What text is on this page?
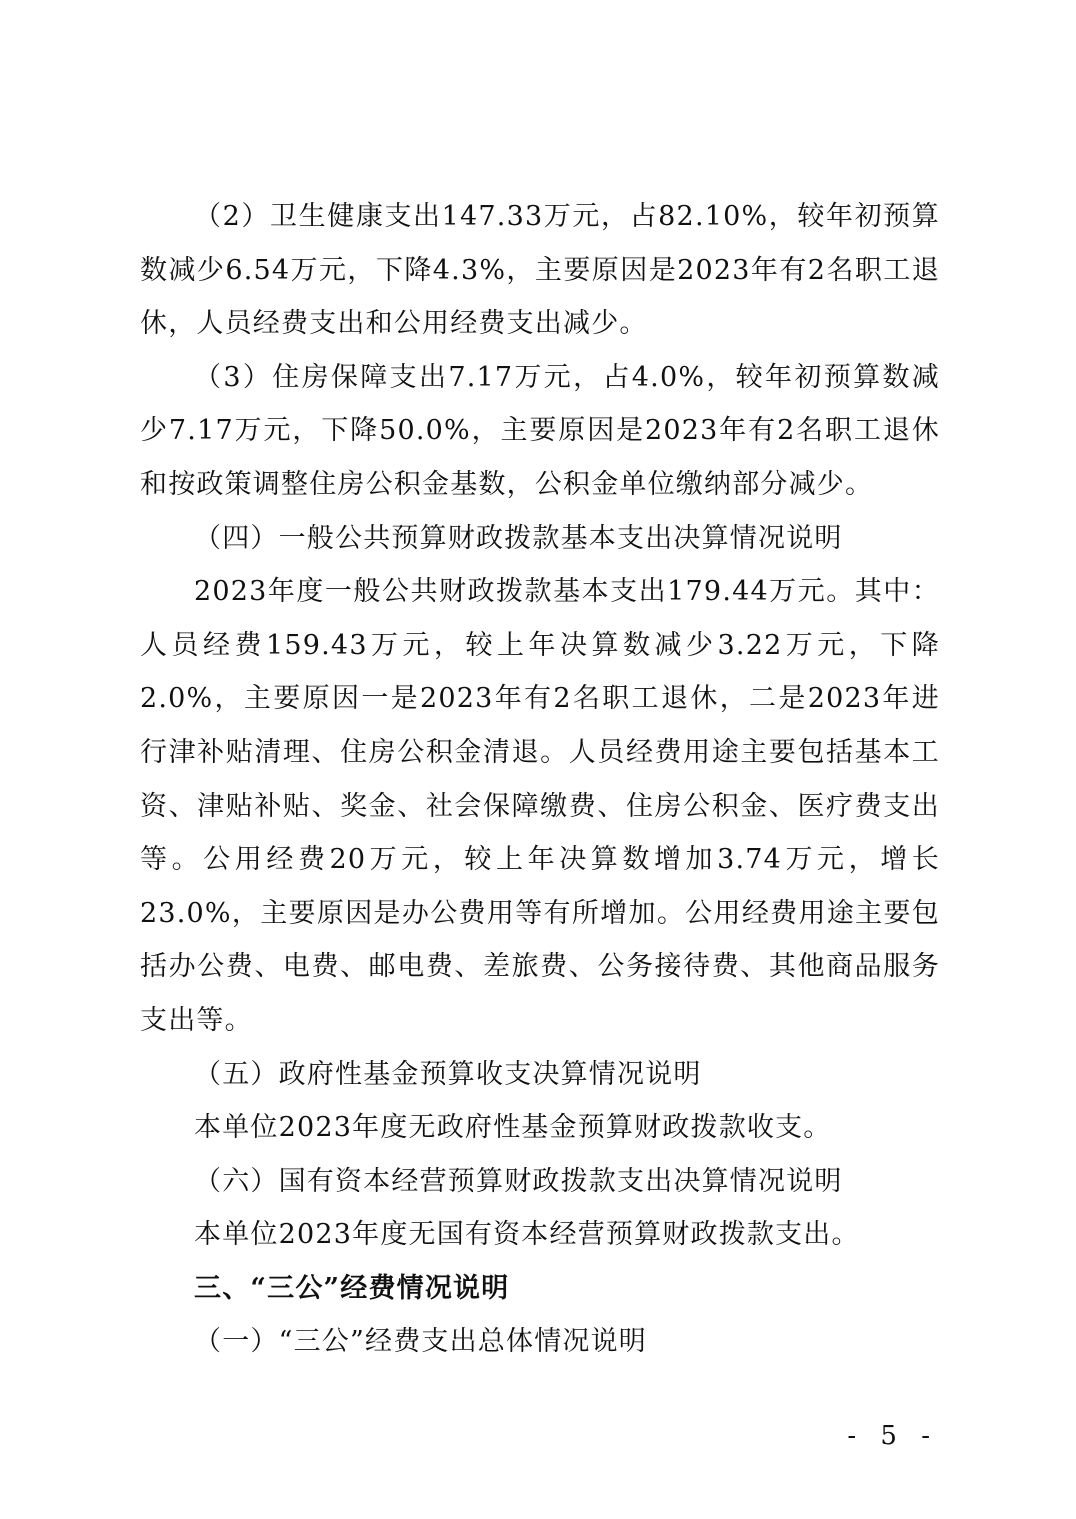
（2）卫生健康支出147.33万元，占82.10%，较年初预算数减少6.54万元，下降4.3%，主要原因是2023年有2名职工退休，人员经费支出和公用经费支出减少。

（3）住房保障支出7.17万元，占4.0%，较年初预算数减少7.17万元，下降50.0%，主要原因是2023年有2名职工退休和按政策调整住房公积金基数，公积金单位缴纳部分减少。

（四）一般公共预算财政拨款基本支出决算情况说明

2023年度一般公共财政拨款基本支出179.44万元。其中：人员经费159.43万元，较上年决算数减少3.22万元，下降2.0%，主要原因一是2023年有2名职工退休，二是2023年进行津补贴清理、住房公积金清退。人员经费用途主要包括基本工资、津贴补贴、奖金、社会保障缴费、住房公积金、医疗费支出等。公用经费20万元，较上年决算数增加3.74万元，增长23.0%，主要原因是办公费用等有所增加。公用经费用途主要包括办公费、电费、邮电费、差旅费、公务接待费、其他商品服务支出等。

（五）政府性基金预算收支决算情况说明

本单位2023年度无政府性基金预算财政拨款收支。

（六）国有资本经营预算财政拨款支出决算情况说明

本单位2023年度无国有资本经营预算财政拨款支出。

三、“三公”经费情况说明

（一）“三公”经费支出总体情况说明

- 5 -
